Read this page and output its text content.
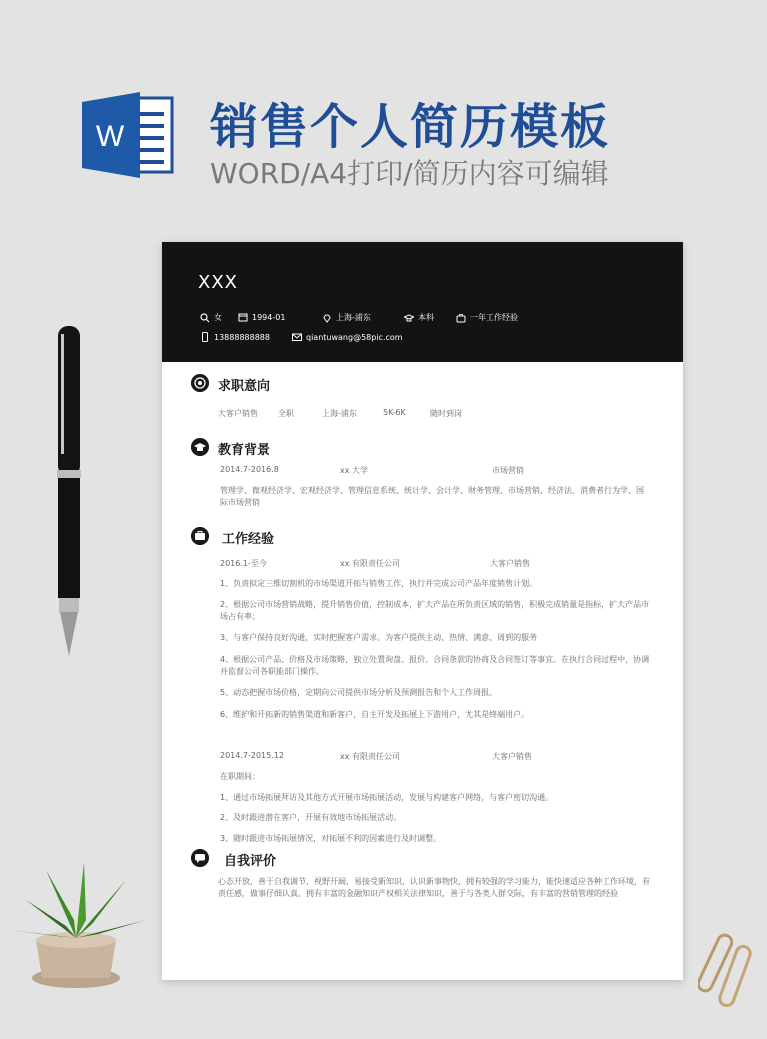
W 销售个人简历模板
WORD/A4打印/简历内容可编辑
XXX
女	1994-01	上海-浦东	本科	一年工作经验
13888888888	qiantuwang@58pic.com
求职意向
大客户销售	全职	上海-浦东	5K-6K	随时到岗
教育背景
2014.7-2016.8	xx 大学	市场营销
管理学、微观经济学、宏观经济学、管理信息系统、统计学、会计学、财务管理、市场营销、经济法、消费者行为学、国际市场营销
工作经验
2016.1-至今	xx 有限责任公司	大客户销售
1、负责拟定三维切割机的市场渠道开拓与销售工作，执行并完成公司产品年度销售计划。
2、根据公司市场营销战略，提升销售价值，控制成本，扩大产品在所负责区域的销售，积极完成销量是指标，扩大产品市场占有率；
3、与客户保持良好沟通，实时把握客户需求。为客户提供主动、热情、满意、周到的服务
4、根据公司产品、价格及市场策略，独立处置询盘、报价、合同条款的协商及合同签订等事宜。在执行合同过程中，协调并监督公司各职能部门操作。
5、动态把握市场价格，定期向公司提供市场分析及预测报告和个人工作周报。
6、维护和开拓新的销售渠道和新客户，自主开发及拓展上下游用户，尤其是终端用户。
2014.7-2015.12	xx 有限责任公司	大客户销售
在职期间：
1、通过市场拓展拜访及其他方式开展市场拓展活动，发展与构建客户网络，与客户密切沟通。
2、及时跟进潜在客户，开展有效地市场拓展活动。
3、随时跟进市场拓展情况，对拓展不利的因素进行及时调整。
自我评价
心态开放，善于自我调节，视野开阔，易接受新知识，认识新事物快，拥有较强的学习能力，能快速适应各种工作环境，有责任感，做事仔细认真。拥有丰富的金融知识产权相关法律知识，善于与各类人群交际，有丰富的营销管理的经验
